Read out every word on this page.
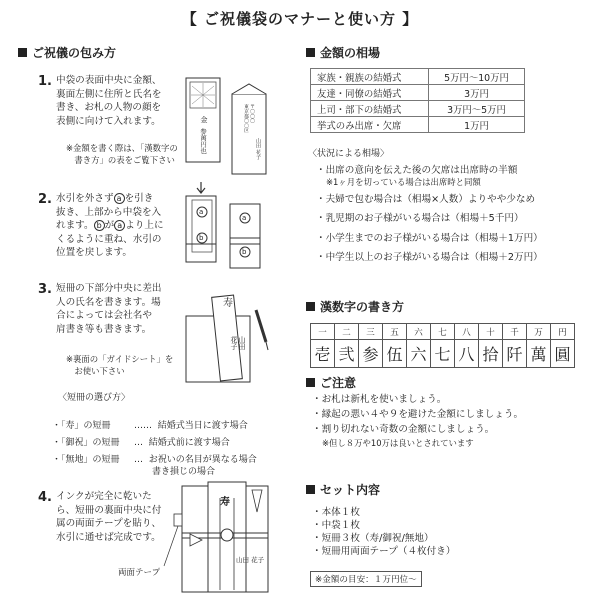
【 ご祝儀袋のマナーと使い方 】
ご祝儀の包み方
1. 中袋の表面中央に金額、
裏面左側に住所と氏名を
書き、お札の人物の顔を
表側に向けて入れます。
※金額を書く際は、「漢数字の
　書き方」の表をご覧下さい
金
参萬円也
〒〇〇〇
東京都〇〇区
山田 花子
2. 水引を外さず a を引き
抜き、上部から中袋を入
れます。 b が a より上に
くるように重ね、水引の
位置を戻します。
a
b
a
b
3. 短冊の下部分中央に差出
人の氏名を書きます。場
合によっては会社名や
肩書き等も書きます。
※裏面の「ガイドシート」を
　お使い下さい
寿
山田
花子
〈短冊の選び方〉
・「寿」の短冊	……  結婚式当日に渡す場合
・「御祝」の短冊 …  結婚式前に渡す場合
・「無地」の短冊 …  お祝いの名目が異なる場合
　　書き損じの場合
4. インクが完全に乾いた
ら、短冊の裏面中央に付
属の両面テープを貼り、
水引に通せば完成です。
寿
山田 花子
両面テープ
金額の相場
家族・親族の結婚式	5万円〜10万円
友達・同僚の結婚式	3万円
上司・部下の結婚式	3万円〜5万円
挙式のみ出席・欠席	1万円
〈状況による相場〉
・出席の意向を伝えた後の欠席は出席時の半額
※1ヶ月を切っている場合は出席時と同額
・夫婦で包む場合は（相場×人数）よりやや少なめ
・乳児期のお子様がいる場合は（相場＋5千円）
・小学生までのお子様がいる場合は（相場＋1万円）
・中学生以上のお子様がいる場合は（相場＋2万円）
漢数字の書き方
一	二	三	五	六	七	八	十	千	万	円
壱	弐	参	伍	六	七	八	拾	阡	萬	圓
ご注意
・お札は新札を使いましょう。
・縁起の悪い４や９を避けた金額にしましょう。
・割り切れない奇数の金額にしましょう。
※但し８万や10万は良いとされています
セット内容
・本体１枚
・中袋１枚
・短冊３枚（寿/御祝/無地）
・短冊用両面テープ（４枚付き）
※金額の目安：１万円位〜
